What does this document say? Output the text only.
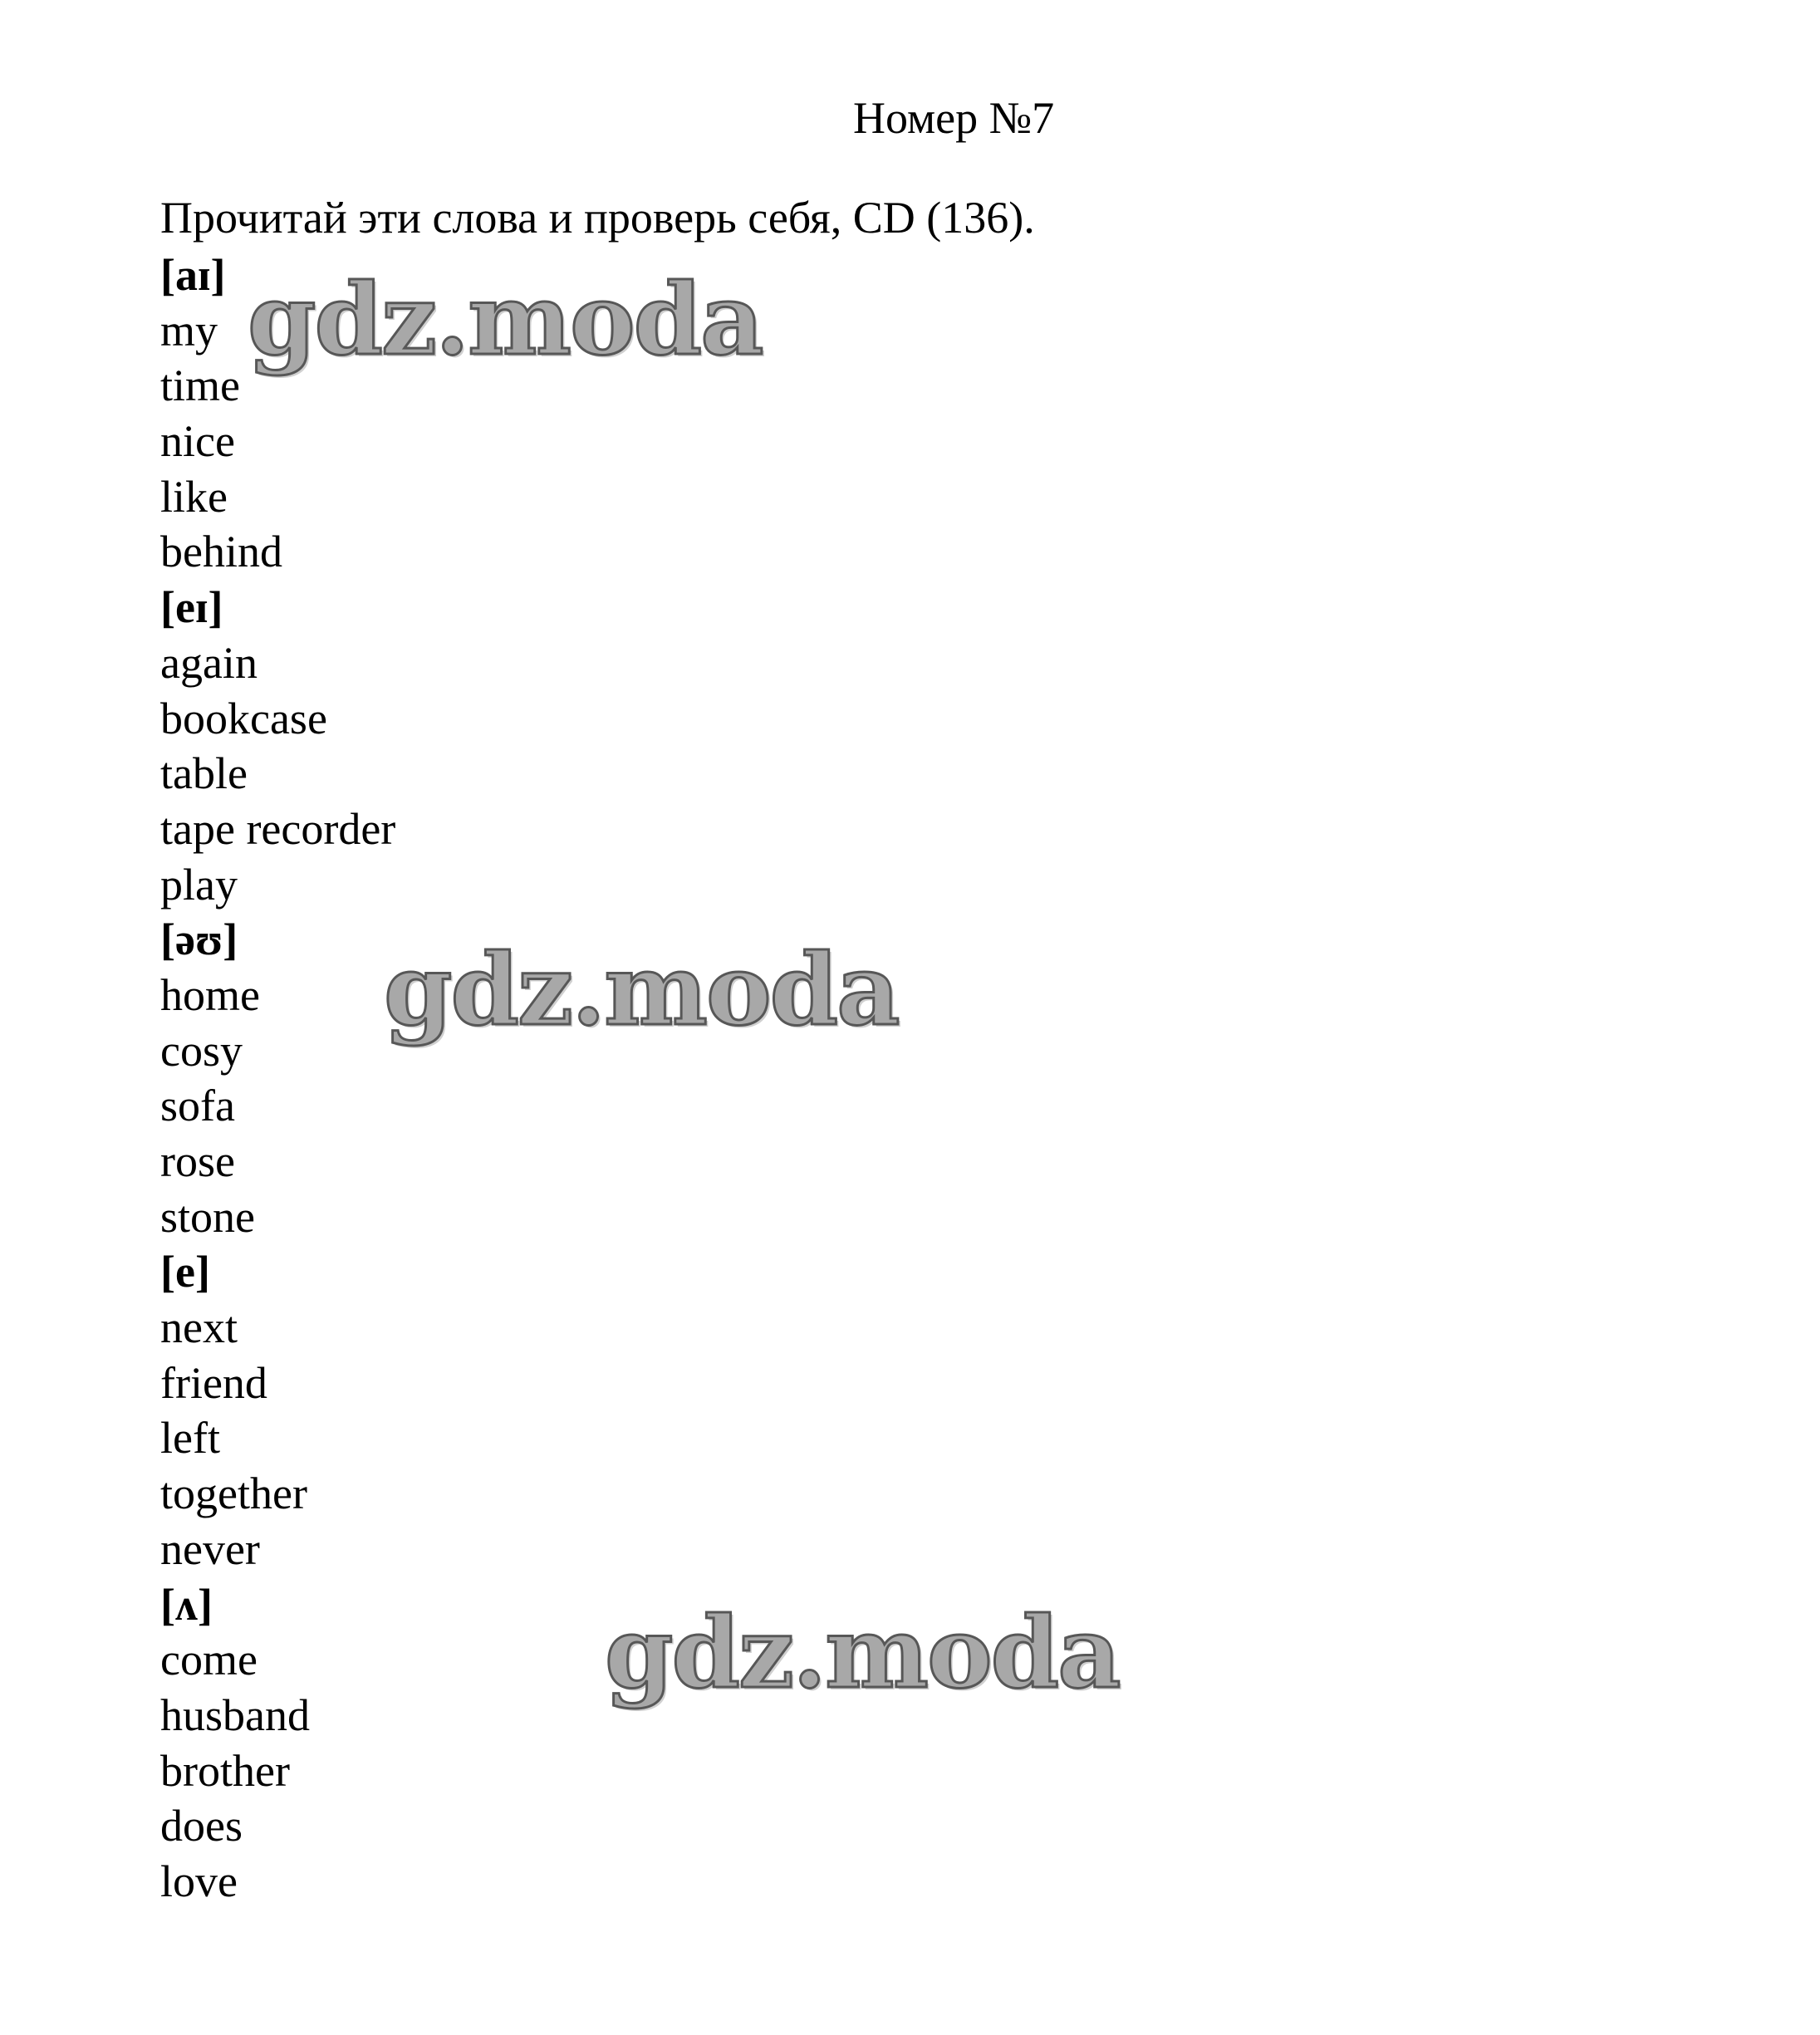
Номер №7
Прочитай эти слова и проверь себя, CD (136).
[aɪ]
my
time
nice
like
behind
[eɪ]
again
bookcase
table
tape recorder
play
[əʊ]
home
cosy
sofa
rose
stone
[e]
next
friend
left
together
never
[ʌ]
come
husband
brother
does
love
gdz.moda
gdz.moda
gdz.moda
